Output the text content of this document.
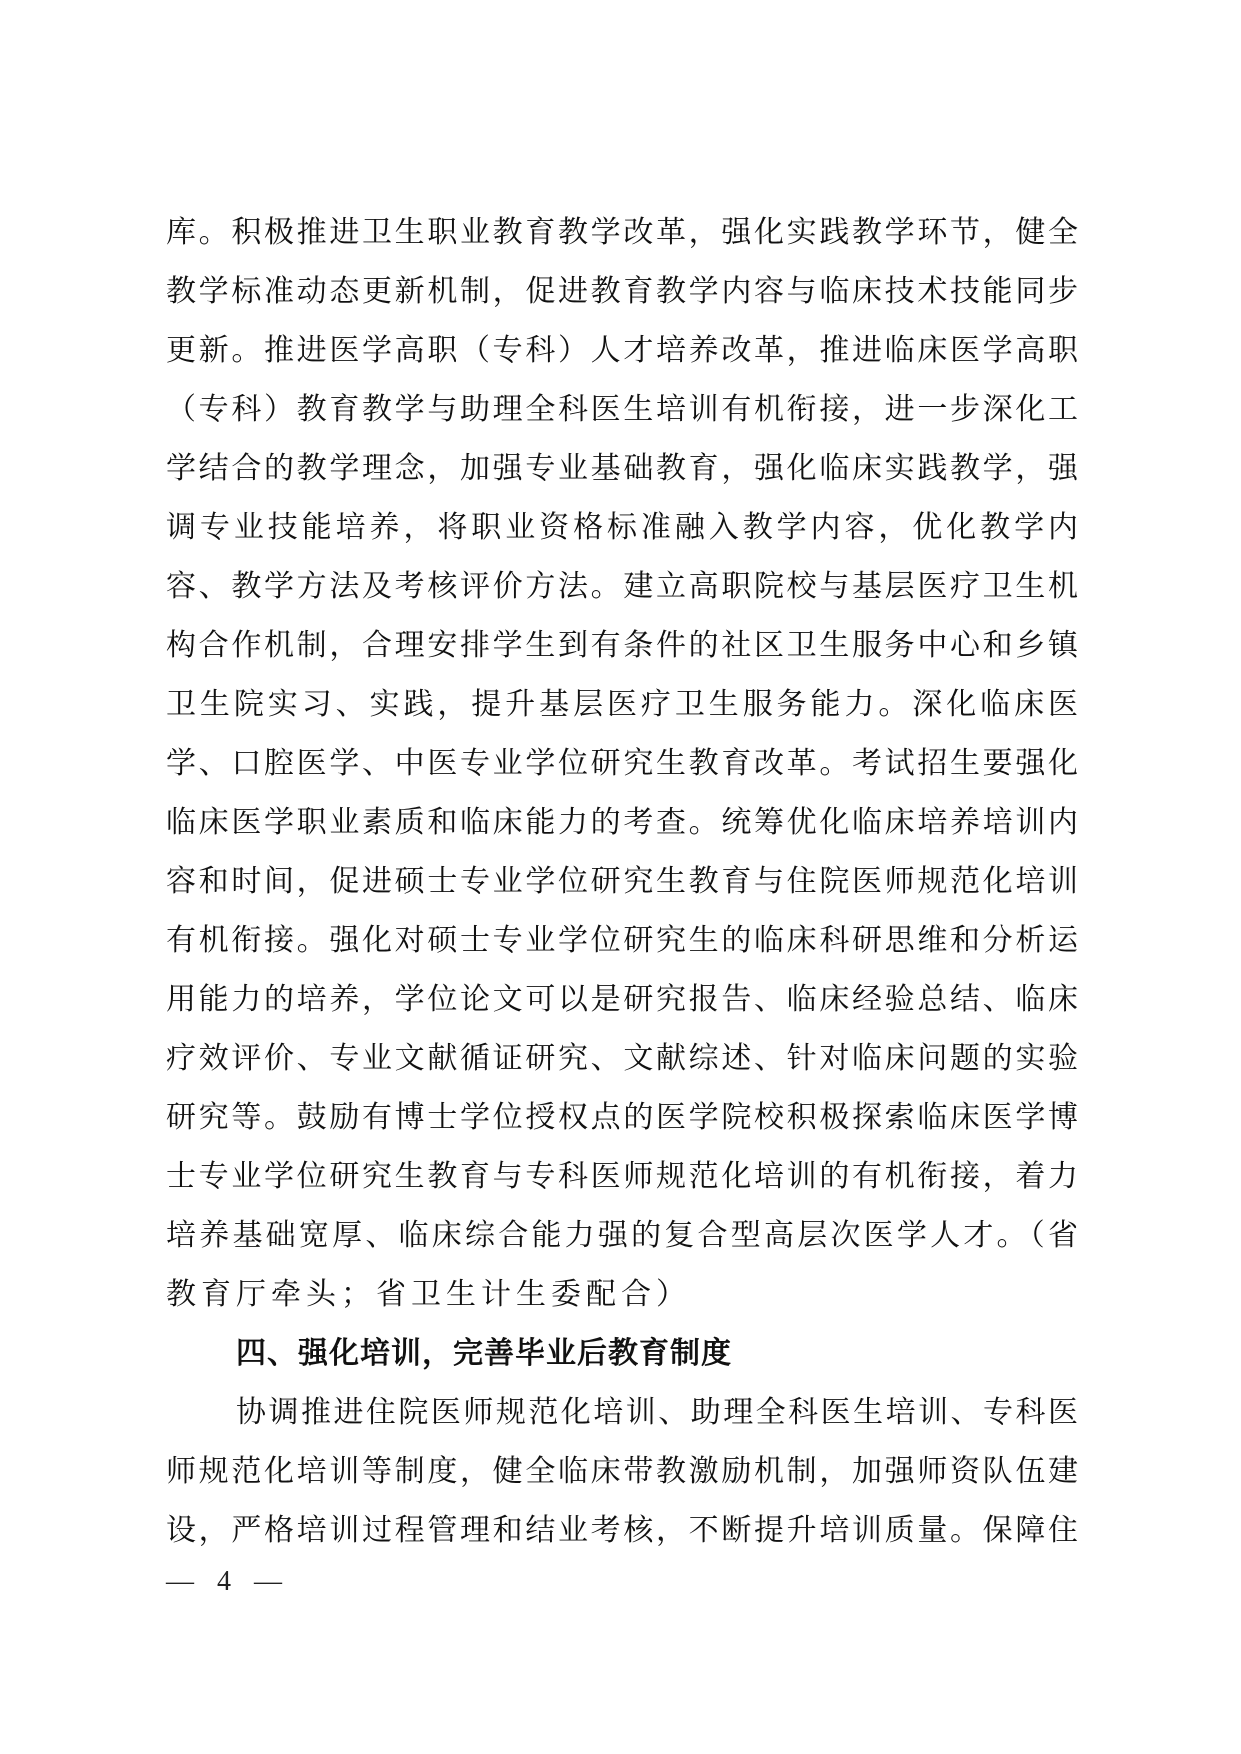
库。积极推进卫生职业教育教学改革，强化实践教学环节，健全
教学标准动态更新机制，促进教育教学内容与临床技术技能同步
更新。推进医学高职（专科）人才培养改革，推进临床医学高职
（专科）教育教学与助理全科医生培训有机衔接，进一步深化工
学结合的教学理念，加强专业基础教育，强化临床实践教学，强
调专业技能培养，将职业资格标准融入教学内容，优化教学内
容、教学方法及考核评价方法。建立高职院校与基层医疗卫生机
构合作机制，合理安排学生到有条件的社区卫生服务中心和乡镇
卫生院实习、实践，提升基层医疗卫生服务能力。深化临床医
学、口腔医学、中医专业学位研究生教育改革。考试招生要强化
临床医学职业素质和临床能力的考查。统筹优化临床培养培训内
容和时间，促进硕士专业学位研究生教育与住院医师规范化培训
有机衔接。强化对硕士专业学位研究生的临床科研思维和分析运
用能力的培养，学位论文可以是研究报告、临床经验总结、临床
疗效评价、专业文献循证研究、文献综述、针对临床问题的实验
研究等。鼓励有博士学位授权点的医学院校积极探索临床医学博
士专业学位研究生教育与专科医师规范化培训的有机衔接，着力
培养基础宽厚、临床综合能力强的复合型高层次医学人才。（省
教育厅牵头；省卫生计生委配合）
四、强化培训，完善毕业后教育制度
协调推进住院医师规范化培训、助理全科医生培训、专科医
师规范化培训等制度，健全临床带教激励机制，加强师资队伍建
设，严格培训过程管理和结业考核，不断提升培训质量。保障住
— 4 —
